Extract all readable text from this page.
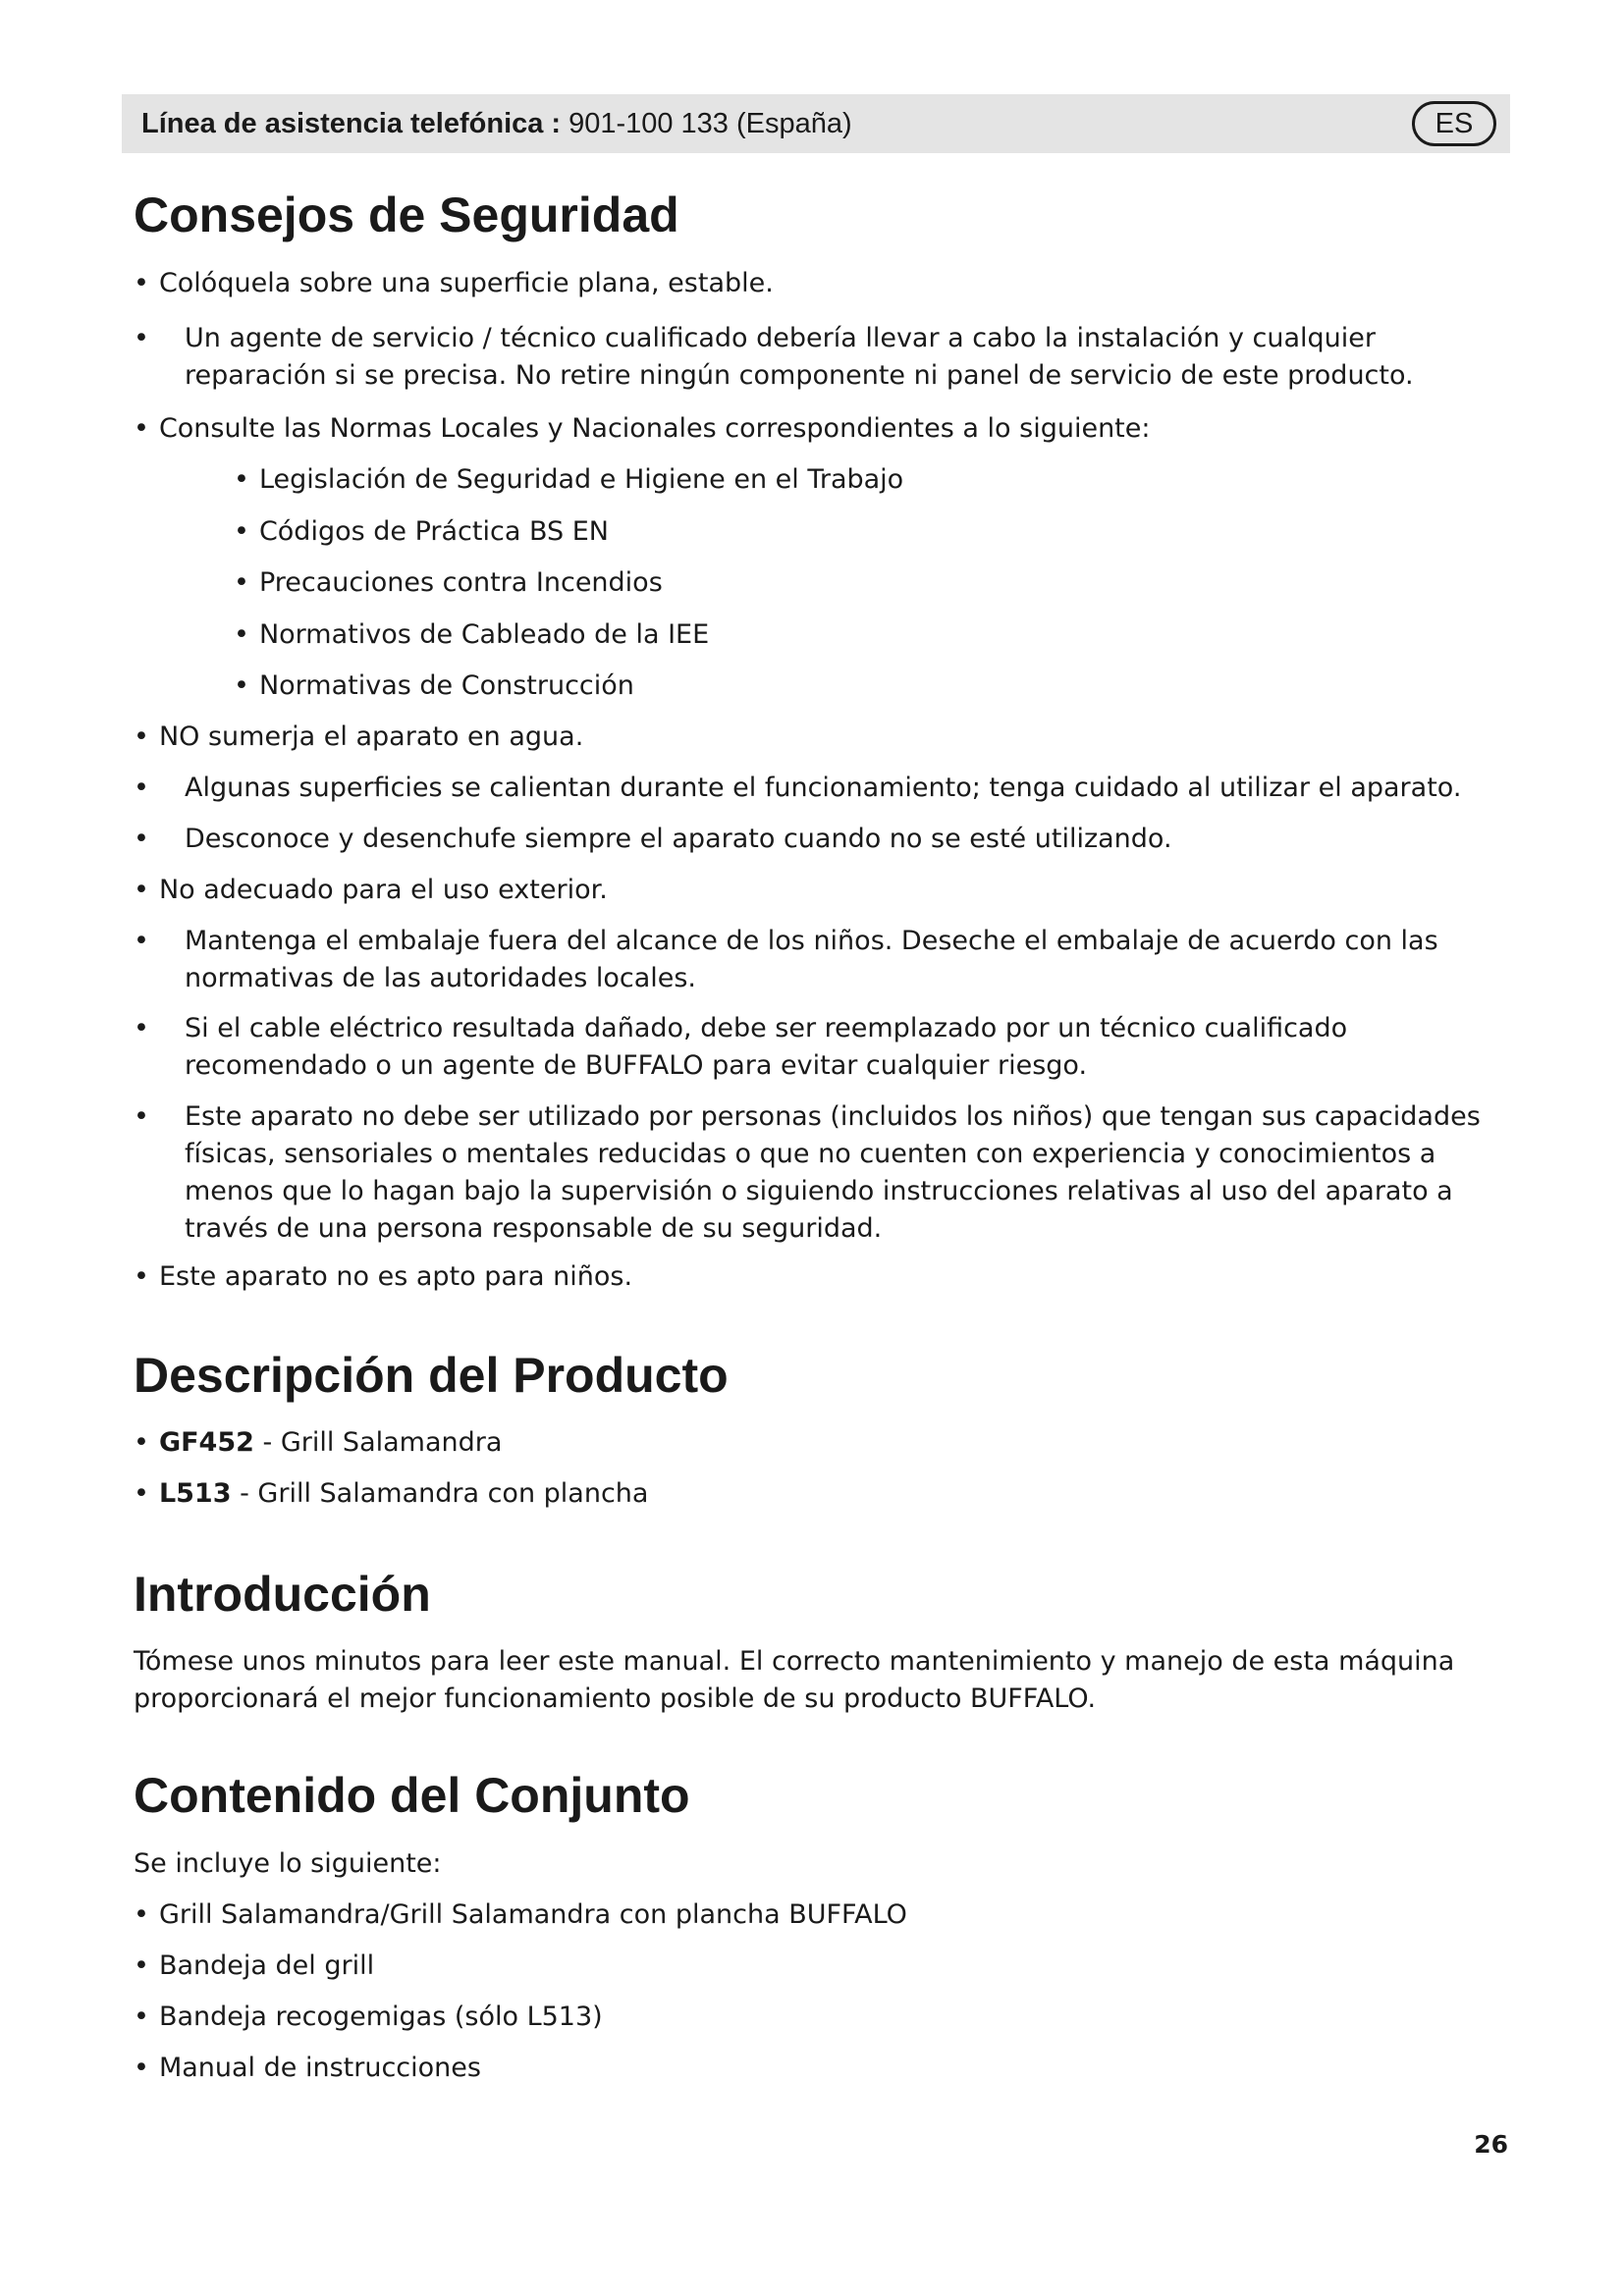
Línea de asistencia telefónica : 901-100 133 (España)	ES
Consejos de Seguridad

• Colóquela sobre una superficie plana, estable.

• Un agente de servicio / técnico cualificado debería llevar a cabo la instalación y cualquier reparación si se precisa. No retire ningún componente ni panel de servicio de este producto.

• Consulte las Normas Locales y Nacionales correspondientes a lo siguiente:

• Legislación de Seguridad e Higiene en el Trabajo

• Códigos de Práctica BS EN

• Precauciones contra Incendios

• Normativos de Cableado de la IEE

• Normativas de Construcción

• NO sumerja el aparato en agua.

• Algunas superficies se calientan durante el funcionamiento; tenga cuidado al utilizar el aparato.

• Desconoce y desenchufe siempre el aparato cuando no se esté utilizando.

• No adecuado para el uso exterior.

• Mantenga el embalaje fuera del alcance de los niños. Deseche el embalaje de acuerdo con las normativas de las autoridades locales.

• Si el cable eléctrico resultada dañado, debe ser reemplazado por un técnico cualificado recomendado o un agente de BUFFALO para evitar cualquier riesgo.

• Este aparato no debe ser utilizado por personas (incluidos los niños) que tengan sus capacidades físicas, sensoriales o mentales reducidas o que no cuenten con experiencia y conocimientos a menos que lo hagan bajo la supervisión o siguiendo instrucciones relativas al uso del aparato a través de una persona responsable de su seguridad.

• Este aparato no es apto para niños.

Descripción del Producto

• GF452 - Grill Salamandra

• L513 - Grill Salamandra con plancha

Introducción

Tómese unos minutos para leer este manual. El correcto mantenimiento y manejo de esta máquina proporcionará el mejor funcionamiento posible de su producto BUFFALO.

Contenido del Conjunto

Se incluye lo siguiente:

• Grill Salamandra/Grill Salamandra con plancha BUFFALO

• Bandeja del grill

• Bandeja recogemigas (sólo L513)

• Manual de instrucciones

26
